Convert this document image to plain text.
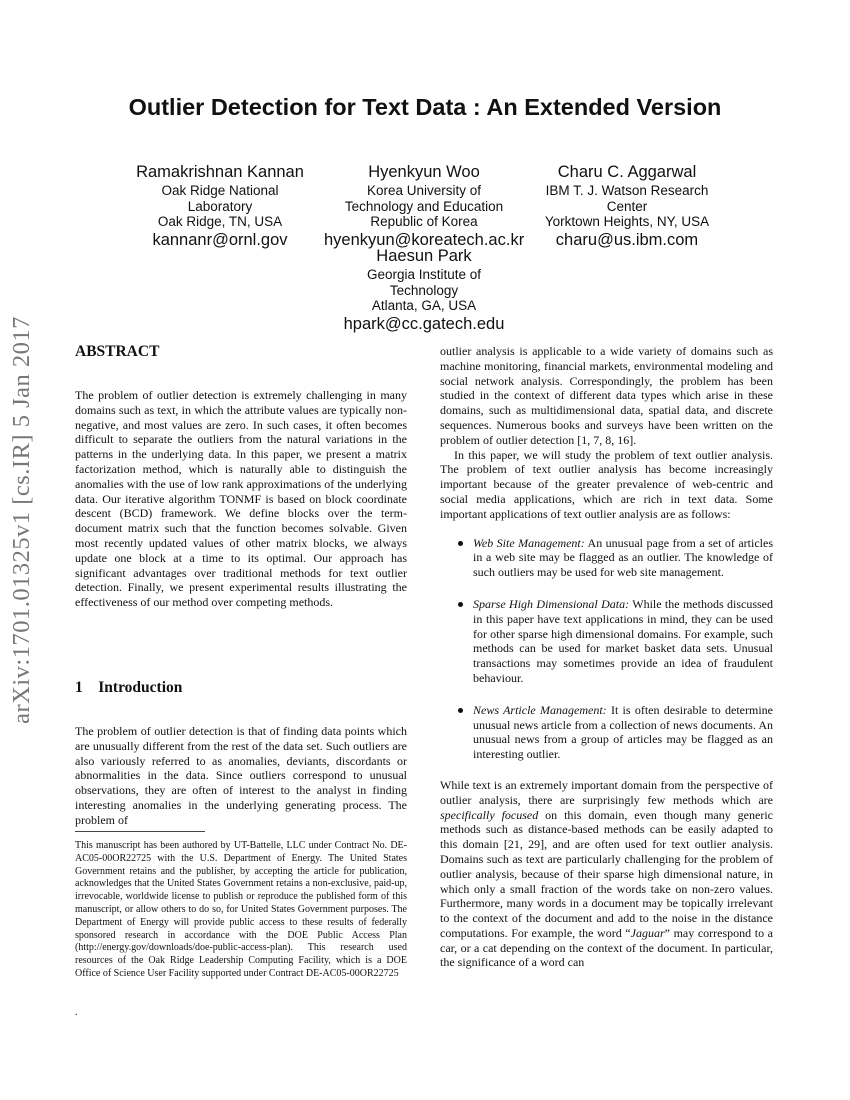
arXiv:1701.01325v1 [cs.IR] 5 Jan 2017
Outlier Detection for Text Data : An Extended Version
Ramakrishnan Kannan
Oak Ridge National
Laboratory
Oak Ridge, TN, USA
kannanr@ornl.gov
Hyenkyun Woo
Korea University of
Technology and Education
Republic of Korea
hyenkyun@koreatech.ac.kr
Charu C. Aggarwal
IBM T. J. Watson Research
Center
Yorktown Heights, NY, USA
charu@us.ibm.com
Haesun Park
Georgia Institute of
Technology
Atlanta, GA, USA
hpark@cc.gatech.edu
ABSTRACT
The problem of outlier detection is extremely challenging in many domains such as text, in which the attribute values are typically non-negative, and most values are zero. In such cases, it often becomes difficult to separate the outliers from the natural variations in the patterns in the underlying data. In this paper, we present a matrix factorization method, which is naturally able to distinguish the anomalies with the use of low rank approximations of the underlying data. Our iterative algorithm TONMF is based on block coordinate descent (BCD) framework. We define blocks over the term-document matrix such that the function becomes solvable. Given most recently updated values of other matrix blocks, we always update one block at a time to its optimal. Our approach has significant advantages over traditional methods for text outlier detection. Finally, we present experimental results illustrating the effectiveness of our method over competing methods.
1    Introduction
The problem of outlier detection is that of finding data points which are unusually different from the rest of the data set. Such outliers are also variously referred to as anomalies, deviants, discordants or abnormalities in the data. Since outliers correspond to unusual observations, they are often of interest to the analyst in finding interesting anomalies in the underlying generating process. The problem of
This manuscript has been authored by UT-Battelle, LLC under Contract No. DE-AC05-00OR22725 with the U.S. Department of Energy. The United States Government retains and the publisher, by accepting the article for publication, acknowledges that the United States Government retains a non-exclusive, paid-up, irrevocable, worldwide license to publish or reproduce the published form of this manuscript, or allow others to do so, for United States Government purposes. The Department of Energy will provide public access to these results of federally sponsored research in accordance with the DOE Public Access Plan (http://energy.gov/downloads/doe-public-access-plan). This research used resources of the Oak Ridge Leadership Computing Facility, which is a DOE Office of Science User Facility supported under Contract DE-AC05-00OR22725
.
outlier analysis is applicable to a wide variety of domains such as machine monitoring, financial markets, environmental modeling and social network analysis. Correspondingly, the problem has been studied in the context of different data types which arise in these domains, such as multidimensional data, spatial data, and discrete sequences. Numerous books and surveys have been written on the problem of outlier detection [1, 7, 8, 16].
In this paper, we will study the problem of text outlier analysis. The problem of text outlier analysis has become increasingly important because of the greater prevalence of web-centric and social media applications, which are rich in text data. Some important applications of text outlier analysis are as follows:
Web Site Management: An unusual page from a set of articles in a web site may be flagged as an outlier. The knowledge of such outliers may be used for web site management.
Sparse High Dimensional Data: While the methods discussed in this paper have text applications in mind, they can be used for other sparse high dimensional domains. For example, such methods can be used for market basket data sets. Unusual transactions may sometimes provide an idea of fraudulent behaviour.
News Article Management: It is often desirable to determine unusual news article from a collection of news documents. An unusual news from a group of articles may be flagged as an interesting outlier.
While text is an extremely important domain from the perspective of outlier analysis, there are surprisingly few methods which are specifically focused on this domain, even though many generic methods such as distance-based methods can be easily adapted to this domain [21, 29], and are often used for text outlier analysis. Domains such as text are particularly challenging for the problem of outlier analysis, because of their sparse high dimensional nature, in which only a small fraction of the words take on non-zero values. Furthermore, many words in a document may be topically irrelevant to the context of the document and add to the noise in the distance computations. For example, the word “Jaguar” may correspond to a car, or a cat depending on the context of the document. In particular, the significance of a word can
